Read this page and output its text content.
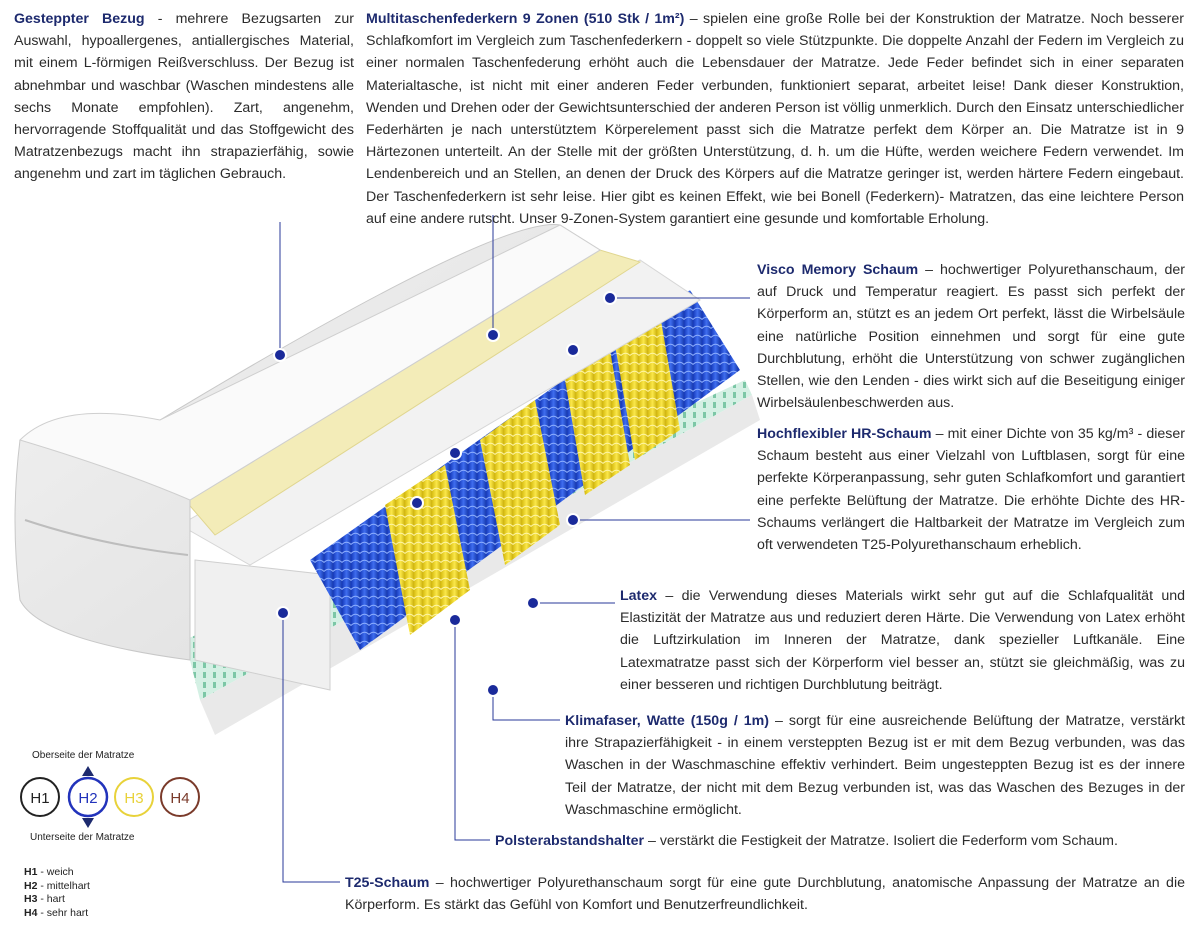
H1 H2 H3 H4

Gesteppter Bezug - mehrere Bezugsarten zur Auswahl, hypoallergenes, antiallergisches Material, mit einem L-förmigen Reißverschluss. Der Bezug ist abnehmbar und waschbar (Waschen mindestens alle sechs Monate empfohlen). Zart, angenehm, hervorragende Stoffqualität und das Stoffgewicht des Matratzenbezugs macht ihn strapazierfähig, sowie angenehm und zart im täglichen Gebrauch.

Multitaschenfederkern 9 Zonen (510 Stk / 1m²) – spielen eine große Rolle bei der Konstruktion der Matratze. Noch besserer Schlafkomfort im Vergleich zum Taschenfederkern - doppelt so viele Stützpunkte. Die doppelte Anzahl der Federn im Vergleich zu einer normalen Taschenfederung erhöht auch die Lebensdauer der Matratze. Jede Feder befindet sich in einer separaten Materialtasche, ist nicht mit einer anderen Feder verbunden, funktioniert separat, arbeitet leise! Dank dieser Konstruktion, Wenden und Drehen oder der Gewichtsunterschied der anderen Person ist völlig unmerklich. Durch den Einsatz unterschiedlicher Federhärten je nach unterstütztem Körperelement passt sich die Matratze perfekt dem Körper an. Die Matratze ist in 9 Härtezonen unterteilt. An der Stelle mit der größten Unterstützung, d. h. um die Hüfte, werden weichere Federn verwendet. Im Lendenbereich und an Stellen, an denen der Druck des Körpers auf die Matratze geringer ist, werden härtere Federn eingebaut. Der Taschenfederkern ist sehr leise. Hier gibt es keinen Effekt, wie bei Bonell (Federkern)- Matratzen, das eine leichtere Person auf eine andere rutscht. Unser 9-Zonen-System garantiert eine gesunde und komfortable Erholung.

Visco Memory Schaum – hochwertiger Polyurethanschaum, der auf Druck und Temperatur reagiert. Es passt sich perfekt der Körperform an, stützt es an jedem Ort perfekt, lässt die Wirbelsäule eine natürliche Position einnehmen und sorgt für eine gute Durchblutung, erhöht die Unterstützung von schwer zugänglichen Stellen, wie den Lenden - dies wirkt sich auf die Beseitigung einiger Wirbelsäulenbeschwerden aus.

Hochflexibler HR-Schaum – mit einer Dichte von 35 kg/m³ - dieser Schaum besteht aus einer Vielzahl von Luftblasen, sorgt für eine perfekte Körperanpassung, sehr guten Schlafkomfort und garantiert eine perfekte Belüftung der Matratze. Die erhöhte Dichte des HR-Schaums verlängert die Haltbarkeit der Matratze im Vergleich zum oft verwendeten T25-Polyurethanschaum erheblich.

Latex – die Verwendung dieses Materials wirkt sehr gut auf die Schlafqualität und Elastizität der Matratze aus und reduziert deren Härte. Die Verwendung von Latex erhöht die Luftzirkulation im Inneren der Matratze, dank spezieller Luftkanäle. Eine Latexmatratze passt sich der Körperform viel besser an, stützt sie gleichmäßig, was zu einer besseren und richtigen Durchblutung beiträgt.

Klimafaser, Watte (150g / 1m) – sorgt für eine ausreichende Belüftung der Matratze, verstärkt ihre Strapazierfähigkeit - in einem versteppten Bezug ist er mit dem Bezug verbunden, was das Waschen in der Waschmaschine effektiv verhindert. Beim ungesteppten Bezug ist es der innere Teil der Matratze, der nicht mit dem Bezug verbunden ist, was das Waschen des Bezuges in der Waschmaschine ermöglicht.

Polsterabstandshalter – verstärkt die Festigkeit der Matratze. Isoliert die Federform vom Schaum.

T25-Schaum – hochwertiger Polyurethanschaum sorgt für eine gute Durchblutung, anatomische Anpassung der Matratze an die Körperform. Es stärkt das Gefühl von Komfort und Benutzerfreundlichkeit.

Oberseite der Matratze
Unterseite der Matratze
H1 - weich
H2 - mittelhart
H3 - hart
H4 - sehr hart
